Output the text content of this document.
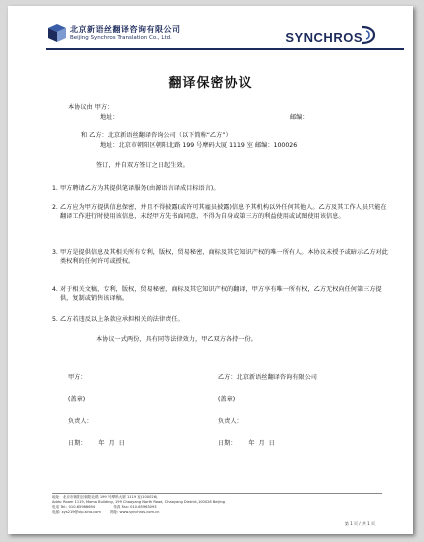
北京新语丝翻译咨询有限公司
Beijing Synchros Translation Co., Ltd.	SYNCHROS
翻译保密协议
本协议由 甲方：
地址：	邮编：
和 乙方：北京新语丝翻译咨询公司（以下简称“乙方”）
地址：北京市朝阳区朝阳北路 199 号摩码大厦 1119 室 邮编：100026
签订，并自双方签订之日起生效。
1. 甲方聘请乙方为其提供笔译服务(由源语言译成目标语言)。
2. 乙方应为甲方提供信息保密，并且不得披露(或许可其雇员披露)信息予其机构以外任何其他人。乙方及其工作人员只能在翻译工作进行时使用该信息，未经甲方先书面同意，不得为自身或第三方的利益使用或试图使用该信息。
3. 甲方是提供信息及其相关所有专利，版权，贸易秘密，商标及其它知识产权的唯一所有人。本协议未授予或暗示乙方对此类权利的任何许可或授权。
4. 对于相关文稿，专利，版权，贸易秘密，商标及其它知识产权的翻译，甲方享有唯一所有权，乙方无权向任何第三方提供，复制或销售该译稿。
5. 乙方若违反以上条款应承担相关的法律责任。
本协议一式两份，具有同等法律效力，甲乙双方各持一份。
甲方：	乙方：北京新语丝翻译咨询有限公司
(盖章)	(盖章)
负责人：	负责人：
日期：      年  月  日	日期：      年  月  日
地址：北京市朝阳区朝阳北路 199 号摩码大厦 1119 室(100026)
Adds: Room 1119, Moma Building, 199 Chaoyang North Road, Chaoyang District,100026 Beijing
电话 Tel.: 010-65966694                传真 Fax: 010-65963093
电邮: xys219@vip.sina.com        网址: www.synchros.com.cn
第 1 页 / 共 1 页
